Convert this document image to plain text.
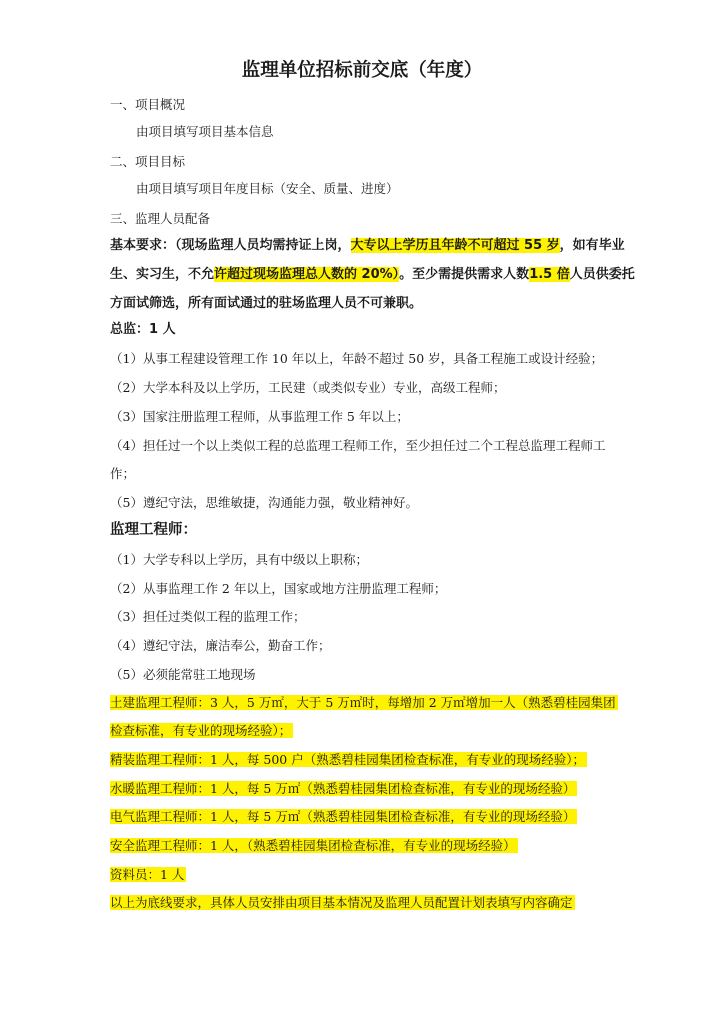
监理单位招标前交底（年度）
一、项目概况
由项目填写项目基本信息
二、项目目标
由项目填写项目年度目标（安全、质量、进度）
三、监理人员配备
基本要求：（现场监理人员均需持证上岗，大专以上学历且年龄不可超过 55 岁，如有毕业
生、实习生，不允许超过现场监理总人数的 20%）。至少需提供需求人数1.5 倍人员供委托
方面试筛选，所有面试通过的驻场监理人员不可兼职。
总监：1 人
（1）从事工程建设管理工作 10 年以上，年龄不超过 50 岁，具备工程施工或设计经验；
（2）大学本科及以上学历，工民建（或类似专业）专业，高级工程师；
（3）国家注册监理工程师，从事监理工作 5 年以上；
（4）担任过一个以上类似工程的总监理工程师工作，至少担任过二个工程总监理工程师工
作；
（5）遵纪守法，思维敏捷，沟通能力强，敬业精神好。
监理工程师：
（1）大学专科以上学历，具有中级以上职称；
（2）从事监理工作 2 年以上，国家或地方注册监理工程师；
（3）担任过类似工程的监理工作；
（4）遵纪守法，廉洁奉公，勤奋工作；
（5）必须能常驻工地现场
土建监理工程师：3 人，5 万㎡，大于 5 万㎡时，每增加 2 万㎡增加一人（熟悉碧桂园集团
检查标准，有专业的现场经验）；
精装监理工程师：1 人，每 500 户（熟悉碧桂园集团检查标准，有专业的现场经验）；
水暖监理工程师：1 人，每 5 万㎡（熟悉碧桂园集团检查标准，有专业的现场经验）
电气监理工程师：1 人，每 5 万㎡（熟悉碧桂园集团检查标准，有专业的现场经验）
安全监理工程师：1 人，（熟悉碧桂园集团检查标准，有专业的现场经验）
资料员：1 人
以上为底线要求，具体人员安排由项目基本情况及监理人员配置计划表填写内容确定
